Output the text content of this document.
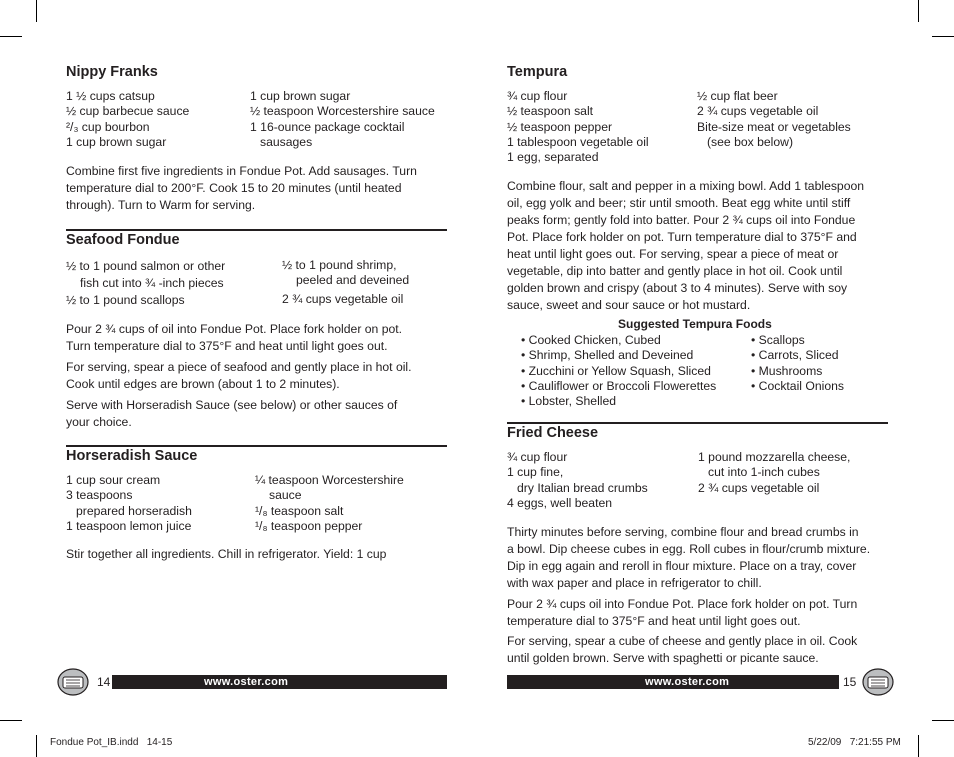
Nippy Franks
1 ½ cups catsup
½ cup barbecue sauce
²/₃ cup bourbon
1 cup brown sugar
1 cup brown sugar
½ teaspoon Worcestershire sauce
1 16-ounce package cocktail
sausages
Combine first five ingredients in Fondue Pot. Add sausages. Turn
temperature dial to 200°F. Cook 15 to 20 minutes (until heated
through). Turn to Warm for serving.
Seafood Fondue
½ to 1 pound salmon or other
fish cut into ¾ -inch pieces
½ to 1 pound scallops
½ to 1 pound shrimp,
peeled and deveined
2 ¾ cups vegetable oil
Pour 2 ¾ cups of oil into Fondue Pot. Place fork holder on pot.
Turn temperature dial to 375°F and heat until light goes out.
For serving, spear a piece of seafood and gently place in hot oil.
Cook until edges are brown (about 1 to 2 minutes).
Serve with Horseradish Sauce (see below) or other sauces of
your choice.
Horseradish Sauce
1 cup sour cream
3 teaspoons
prepared horseradish
1 teaspoon lemon juice
¼ teaspoon Worcestershire
sauce
¹/₈ teaspoon salt
¹/₈ teaspoon pepper
Stir together all ingredients. Chill in refrigerator. Yield: 1 cup
14	www.oster.com
Tempura
¾ cup flour
½ teaspoon salt
½ teaspoon pepper
1 tablespoon vegetable oil
1 egg, separated
½ cup flat beer
2 ¾ cups vegetable oil
Bite-size meat or vegetables
(see box below)
Combine flour, salt and pepper in a mixing bowl. Add 1 tablespoon
oil, egg yolk and beer; stir until smooth. Beat egg white until stiff
peaks form; gently fold into batter. Pour 2 ¾ cups oil into Fondue
Pot. Place fork holder on pot. Turn temperature dial to 375°F and
heat until light goes out. For serving, spear a piece of meat or
vegetable, dip into batter and gently place in hot oil. Cook until
golden brown and crispy (about 3 to 4 minutes). Serve with soy
sauce, sweet and sour sauce or hot mustard.
Suggested Tempura Foods
• Cooked Chicken, Cubed
• Shrimp, Shelled and Deveined
• Zucchini or Yellow Squash, Sliced
• Cauliflower or Broccoli Flowerettes
• Lobster, Shelled
• Scallops
• Carrots, Sliced
• Mushrooms
• Cocktail Onions
Fried Cheese
¾ cup flour
1 cup fine,
dry Italian bread crumbs
4 eggs, well beaten
1 pound mozzarella cheese,
cut into 1-inch cubes
2 ¾ cups vegetable oil
Thirty minutes before serving, combine flour and bread crumbs in
a bowl. Dip cheese cubes in egg. Roll cubes in flour/crumb mixture.
Dip in egg again and reroll in flour mixture. Place on a tray, cover
with wax paper and place in refrigerator to chill.
Pour 2 ¾ cups oil into Fondue Pot. Place fork holder on pot. Turn
temperature dial to 375°F and heat until light goes out.
For serving, spear a cube of cheese and gently place in oil. Cook
until golden brown. Serve with spaghetti or picante sauce.
www.oster.com	15
Fondue Pot_IB.indd   14-15	5/22/09   7:21:55 PM
